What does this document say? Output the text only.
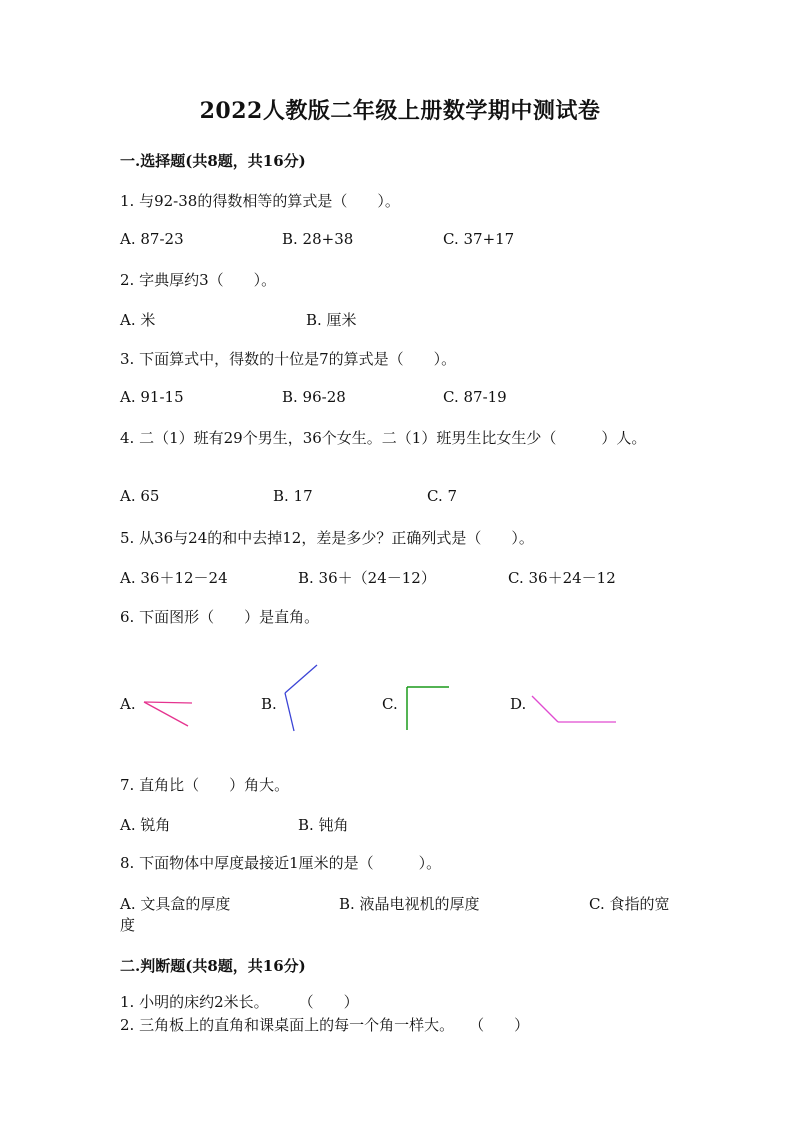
2022人教版二年级上册数学期中测试卷
一.选择题(共8题，共16分)
1. 与92-38的得数相等的算式是（　　）。
A. 87-23	B. 28+38	C. 37+17
2. 字典厚约3（　　）。
A. 米	B. 厘米
3. 下面算式中，得数的十位是7的算式是（　　）。
A. 91-15	B. 96-28	C. 87-19
4. 二（1）班有29个男生，36个女生。二（1）班男生比女生少（　　　）人。
A. 65	B. 17	C. 7
5. 从36与24的和中去掉12，差是多少？正确列式是（　　）。
A. 36＋12－24	B. 36＋（24－12）	C. 36＋24－12
6. 下面图形（　　）是直角。
A.	B.	C.	D.
7. 直角比（　　）角大。
A. 锐角	B. 钝角
8. 下面物体中厚度最接近1厘米的是（　　　）。
A. 文具盒的厚度	B. 液晶电视机的厚度	C. 食指的宽
度
二.判断题(共8题，共16分)
1. 小明的床约2米长。　　　（　　）
2. 三角板上的直角和课桌面上的每一个角一样大。　　（　　）
